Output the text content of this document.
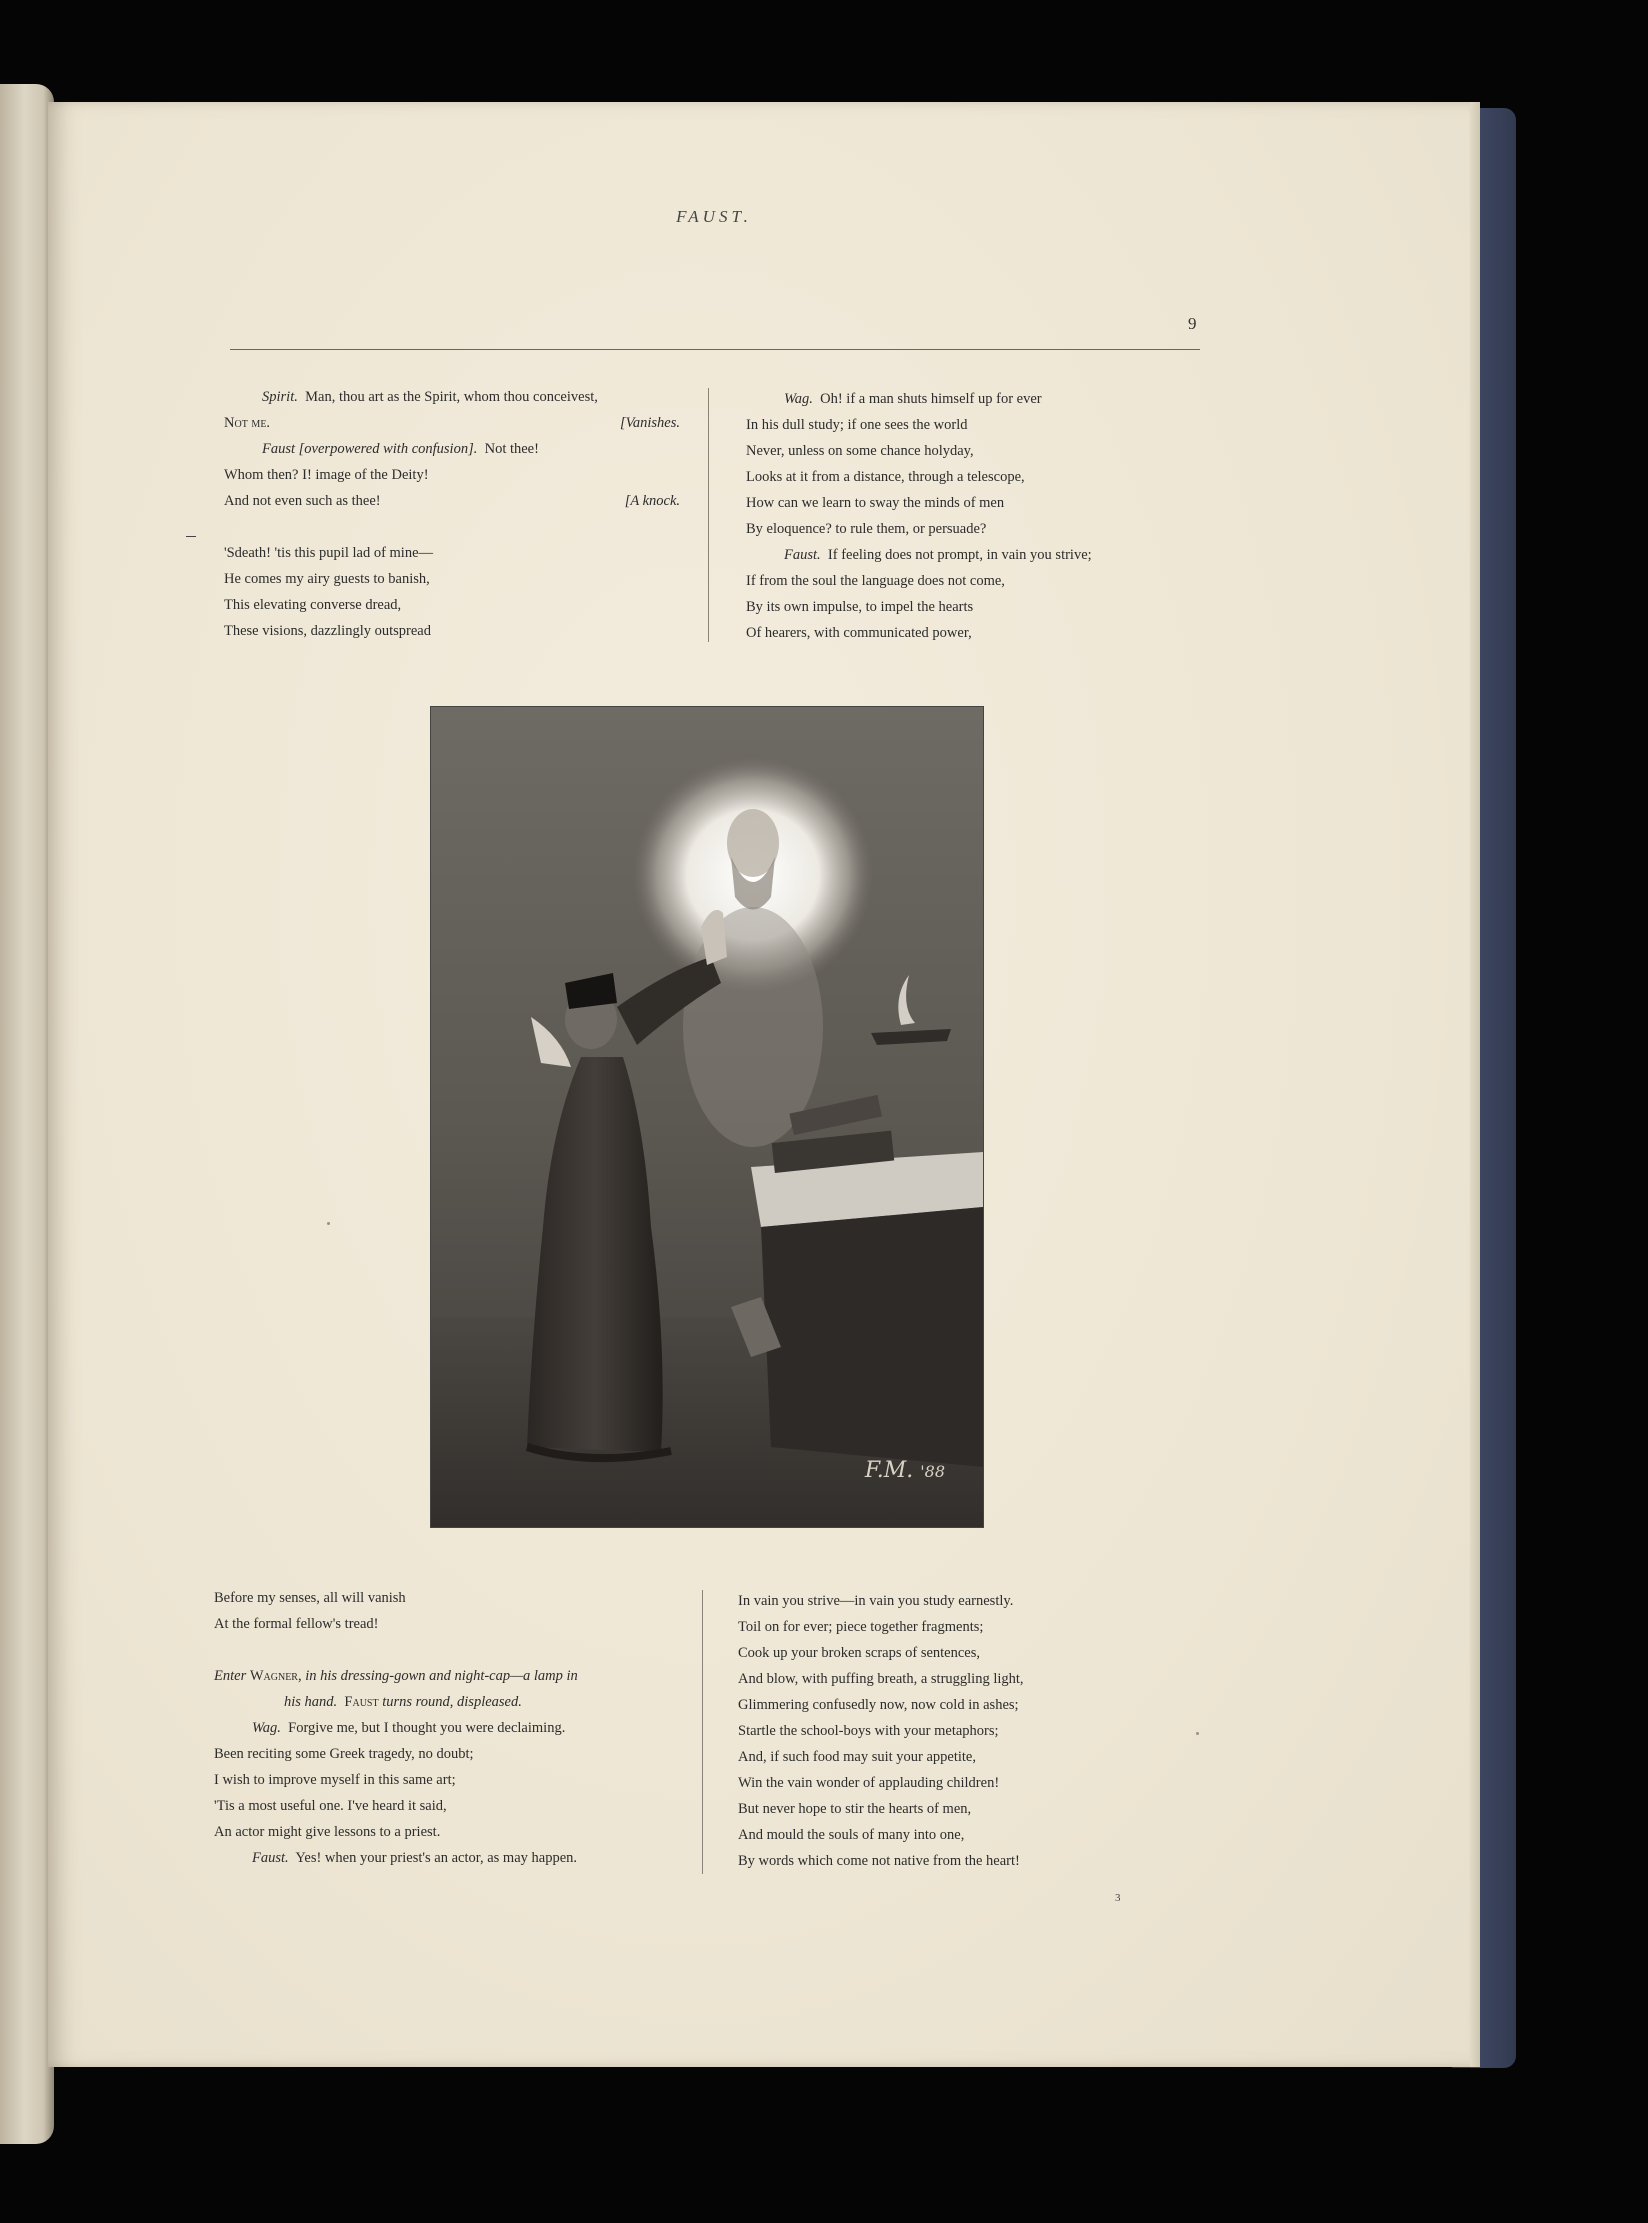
FAUST.
9
Spirit. Man, thou art as the Spirit, whom thou conceivest,
Not me.	[Vanishes.
Faust [overpowered with confusion]. Not thee!
Whom then? I! image of the Deity!
And not even such as thee!	[A knock.
'Sdeath! 'tis this pupil lad of mine—
He comes my airy guests to banish,
This elevating converse dread,
These visions, dazzlingly outspread
Wag. Oh! if a man shuts himself up for ever
In his dull study; if one sees the world
Never, unless on some chance holyday,
Looks at it from a distance, through a telescope,
How can we learn to sway the minds of men
By eloquence? to rule them, or persuade?
Faust. If feeling does not prompt, in vain you strive;
If from the soul the language does not come,
By its own impulse, to impel the hearts
Of hearers, with communicated power,
F.M. '88
Before my senses, all will vanish
At the formal fellow's tread!
Enter Wagner, in his dressing-gown and night-cap—a lamp in
his hand. Faust turns round, displeased.
Wag. Forgive me, but I thought you were declaiming.
Been reciting some Greek tragedy, no doubt;
I wish to improve myself in this same art;
'Tis a most useful one. I've heard it said,
An actor might give lessons to a priest.
Faust. Yes! when your priest's an actor, as may happen.
In vain you strive—in vain you study earnestly.
Toil on for ever; piece together fragments;
Cook up your broken scraps of sentences,
And blow, with puffing breath, a struggling light,
Glimmering confusedly now, now cold in ashes;
Startle the school-boys with your metaphors;
And, if such food may suit your appetite,
Win the vain wonder of applauding children!
But never hope to stir the hearts of men,
And mould the souls of many into one,
By words which come not native from the heart!
3
